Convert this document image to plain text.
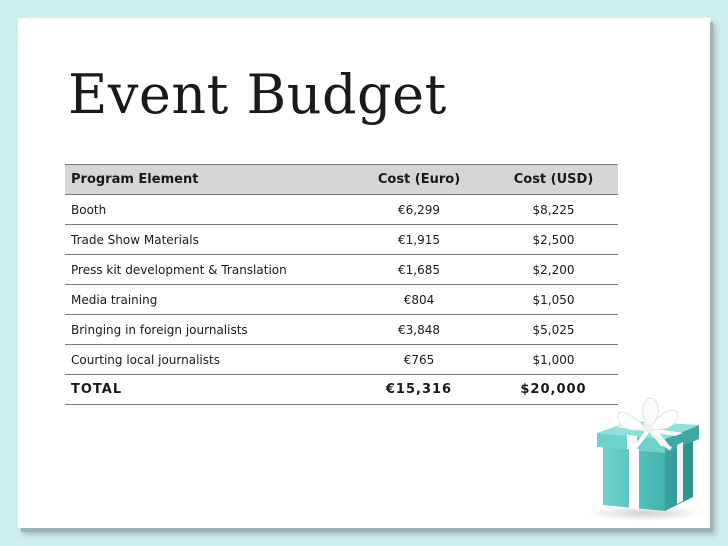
Event Budget
Program Element	Cost (Euro)	Cost (USD)
Booth	€6,299	$8,225
Trade Show Materials	€1,915	$2,500
Press kit development & Translation	€1,685	$2,200
Media training	€804	$1,050
Bringing in foreign journalists	€3,848	$5,025
Courting local journalists	€765	$1,000
TOTAL	€15,316	$20,000
